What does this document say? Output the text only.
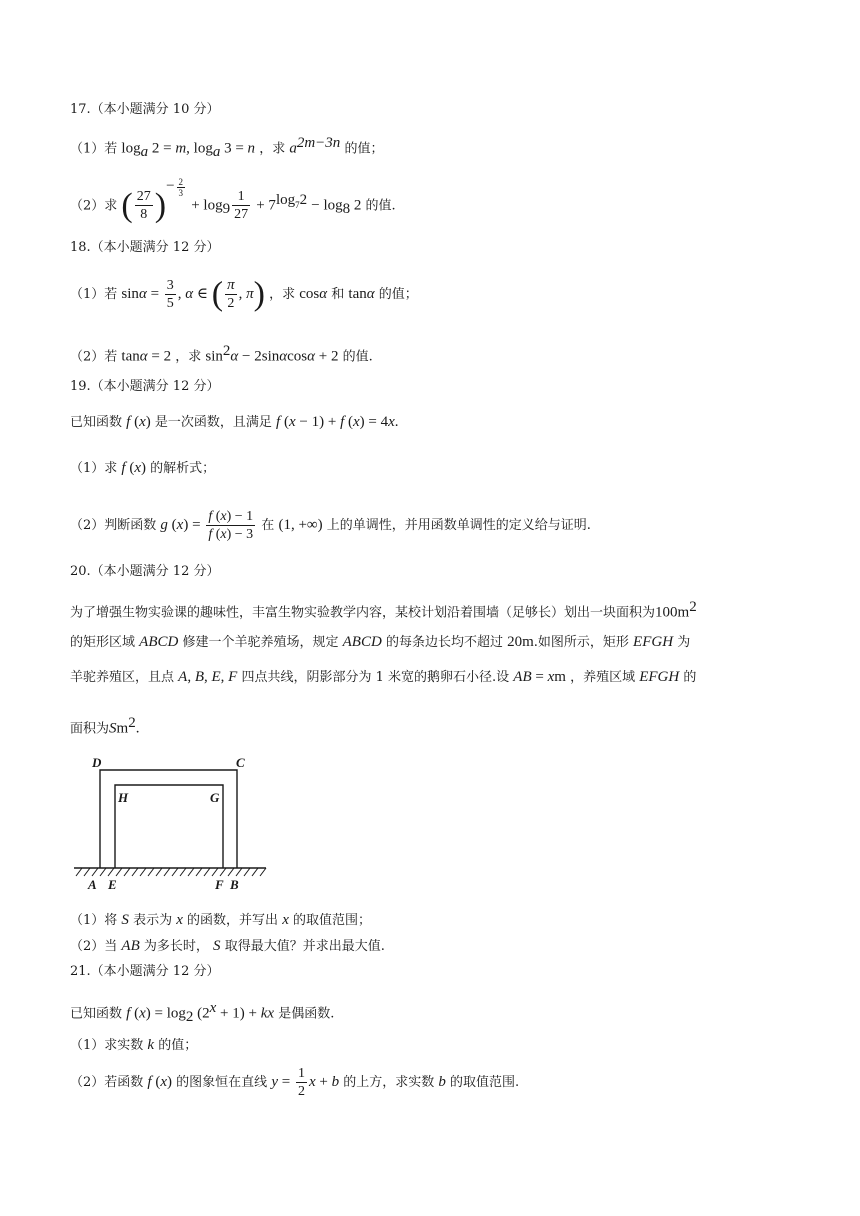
17.（本小题满分 10 分）
（1）若 $\log_a 2 = m$, $\log_a 3 = n$ ，求 $a^{2m-3n}$ 的值；
（2）求 ( $\frac{27}{8} )^{- \frac{2}{3}}$
+ $\log_9 \frac{1}{27} + 7^{log_72} - \log_8 2$ 的值.
18.（本小题满分 12 分）
（1）若 $\sin\alpha = \frac{3}{5}$ , α ∈ ( $\frac{\pi}{2}$ , π) ，求 cosα 和 tanα 的值；
（2）若 tanα = 2 ，求 $\sin^2\alpha - 2\sin\alpha\cos\alpha + 2$ 的值.
19.（本小题满分 12 分）
已知函数 f (x) 是一次函数，且满足 f (x − 1) + f (x) = 4x.
（1）求 f (x) 的解析式；
（2）判断函数 g $(x) = \frac{f (x) - 1}{f (x) - 3}$ 在 (1, +∞) 上的单调性，并用函数单调性的定义给与证明.
20.（本小题满分 12 分）
为了增强生物实验课的趣味性，丰富生物实验教学内容，某校计划沿着围墙（足够长）划出一块面积为$100m^2$
的矩形区域 ABCD 修建一个羊驼养殖场，规定 ABCD 的每条边长均不超过 20m.如图所示，矩形 EFGH 为
羊驼养殖区，且点 A, B, E, F 四点共线，阴影部分为 1 米宽的鹅卵石小径.设 AB = xm ，养殖区域 EFGH 的
面积为Sm$^2$.
D	C
H	G
A E	F B
（1）将 S 表示为 x 的函数，并写出 x 的取值范围；
（2）当 AB 为多长时， S 取得最大值？并求出最大值.
21.（本小题满分 12 分）
已知函数 f $(x) = \log_2 (2^x + 1)$ + kx 是偶函数.
（1）求实数 k 的值；
（2）若函数 f (x) 的图象恒在直线 $y = \frac{1}{2}$ x + b 的上方，求实数 b 的取值范围.
